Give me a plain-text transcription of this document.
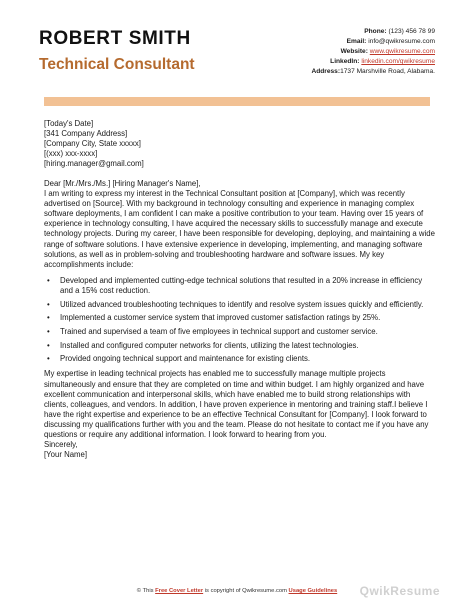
ROBERT SMITH
Technical Consultant
Phone: (123) 456 78 99
Email: info@qwikresume.com
Website: www.qwikresume.com
LinkedIn: linkedin.com/qwikresume
Address:1737 Marshville Road, Alabama.

[Today's Date]

[341 Company Address]

[Company City, State xxxxx]

[(xxx) xxx-xxxx]

[hiring.manager@gmail.com]

Dear [Mr./Mrs./Ms.] [Hiring Manager's Name],

I am writing to express my interest in the Technical Consultant position at [Company], which was recently advertised on [Source]. With my background in technology consulting and experience in managing complex software deployments, I am confident I can make a positive contribution to your team. Having over 15 years of experience in technology consulting, I have acquired the necessary skills to successfully manage and execute technology projects. During my career, I have been responsible for developing, deploying, and maintaining a wide range of software solutions. I have extensive experience in developing, implementing, and managing software solutions, as well as in problem-solving and troubleshooting hardware and software issues. My key accomplishments include:

• Developed and implemented cutting-edge technical solutions that resulted in a 20% increase in efficiency and a 15% cost reduction.
• Utilized advanced troubleshooting techniques to identify and resolve system issues quickly and efficiently.
• Implemented a customer service system that improved customer satisfaction ratings by 25%.
• Trained and supervised a team of five employees in technical support and customer service.
• Installed and configured computer networks for clients, utilizing the latest technologies.
• Provided ongoing technical support and maintenance for existing clients.

My expertise in leading technical projects has enabled me to successfully manage multiple projects simultaneously and ensure that they are completed on time and within budget. I am highly organized and have excellent communication and interpersonal skills, which have enabled me to build strong relationships with clients, colleagues, and vendors. In addition, I have proven experience in mentoring and training staff.I believe I have the right expertise and experience to be an effective Technical Consultant for [Company]. I look forward to discussing my qualifications further with you and the team. Please do not hesitate to contact me if you have any questions or require any additional information. I look forward to hearing from you.

Sincerely,

[Your Name]

© This Free Cover Letter is copyright of Qwikresume.com Usage Guidelines	QwikResume
